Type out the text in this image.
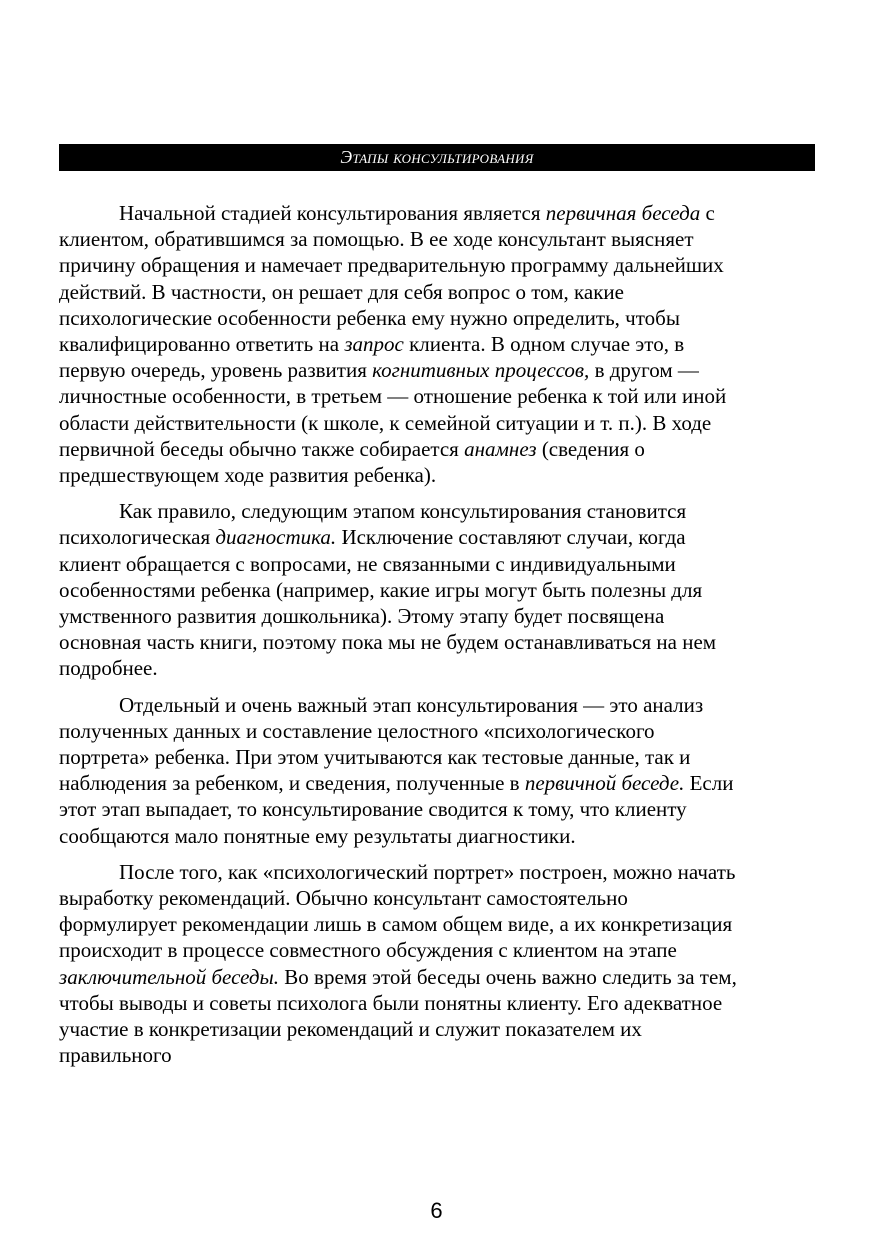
Этапы консультирования

Начальной стадией консультирования является первичная беседа с
клиентом, обратившимся за помощью. В ее ходе консультант выясняет
причину обращения и намечает предварительную программу дальнейших
действий. В частности, он решает для себя вопрос о том, какие
психологические особенности ребенка ему нужно определить, чтобы
квалифицированно ответить на запрос клиента. В одном случае это, в
первую очередь, уровень развития когнитивных процессов, в другом —
личностные особенности, в третьем — отношение ребенка к той или иной
области действительности (к школе, к семейной ситуации и т. п.). В ходе
первичной беседы обычно также собирается анамнез (сведения о
предшествующем ходе развития ребенка).

Как правило, следующим этапом консультирования становится
психологическая диагностика. Исключение составляют случаи, когда
клиент обращается с вопросами, не связанными с индивидуальными
особенностями ребенка (например, какие игры могут быть полезны для
умственного развития дошкольника). Этому этапу будет посвящена
основная часть книги, поэтому пока мы не будем останавливаться на нем
подробнее.

Отдельный и очень важный этап консультирования — это анализ
полученных данных и составление целостного «психологического
портрета» ребенка. При этом учитываются как тестовые данные, так и
наблюдения за ребенком, и сведения, полученные в первичной беседе. Если
этот этап выпадает, то консультирование сводится к тому, что клиенту
сообщаются мало понятные ему результаты диагностики.

После того, как «психологический портрет» построен, можно начать
выработку рекомендаций. Обычно консультант самостоятельно
формулирует рекомендации лишь в самом общем виде, а их конкретизация
происходит в процессе совместного обсуждения с клиентом на этапе
заключительной беседы. Во время этой беседы очень важно следить за тем,
чтобы выводы и советы психолога были понятны клиенту. Его адекватное
участие в конкретизации рекомендаций и служит показателем их
правильного

6
